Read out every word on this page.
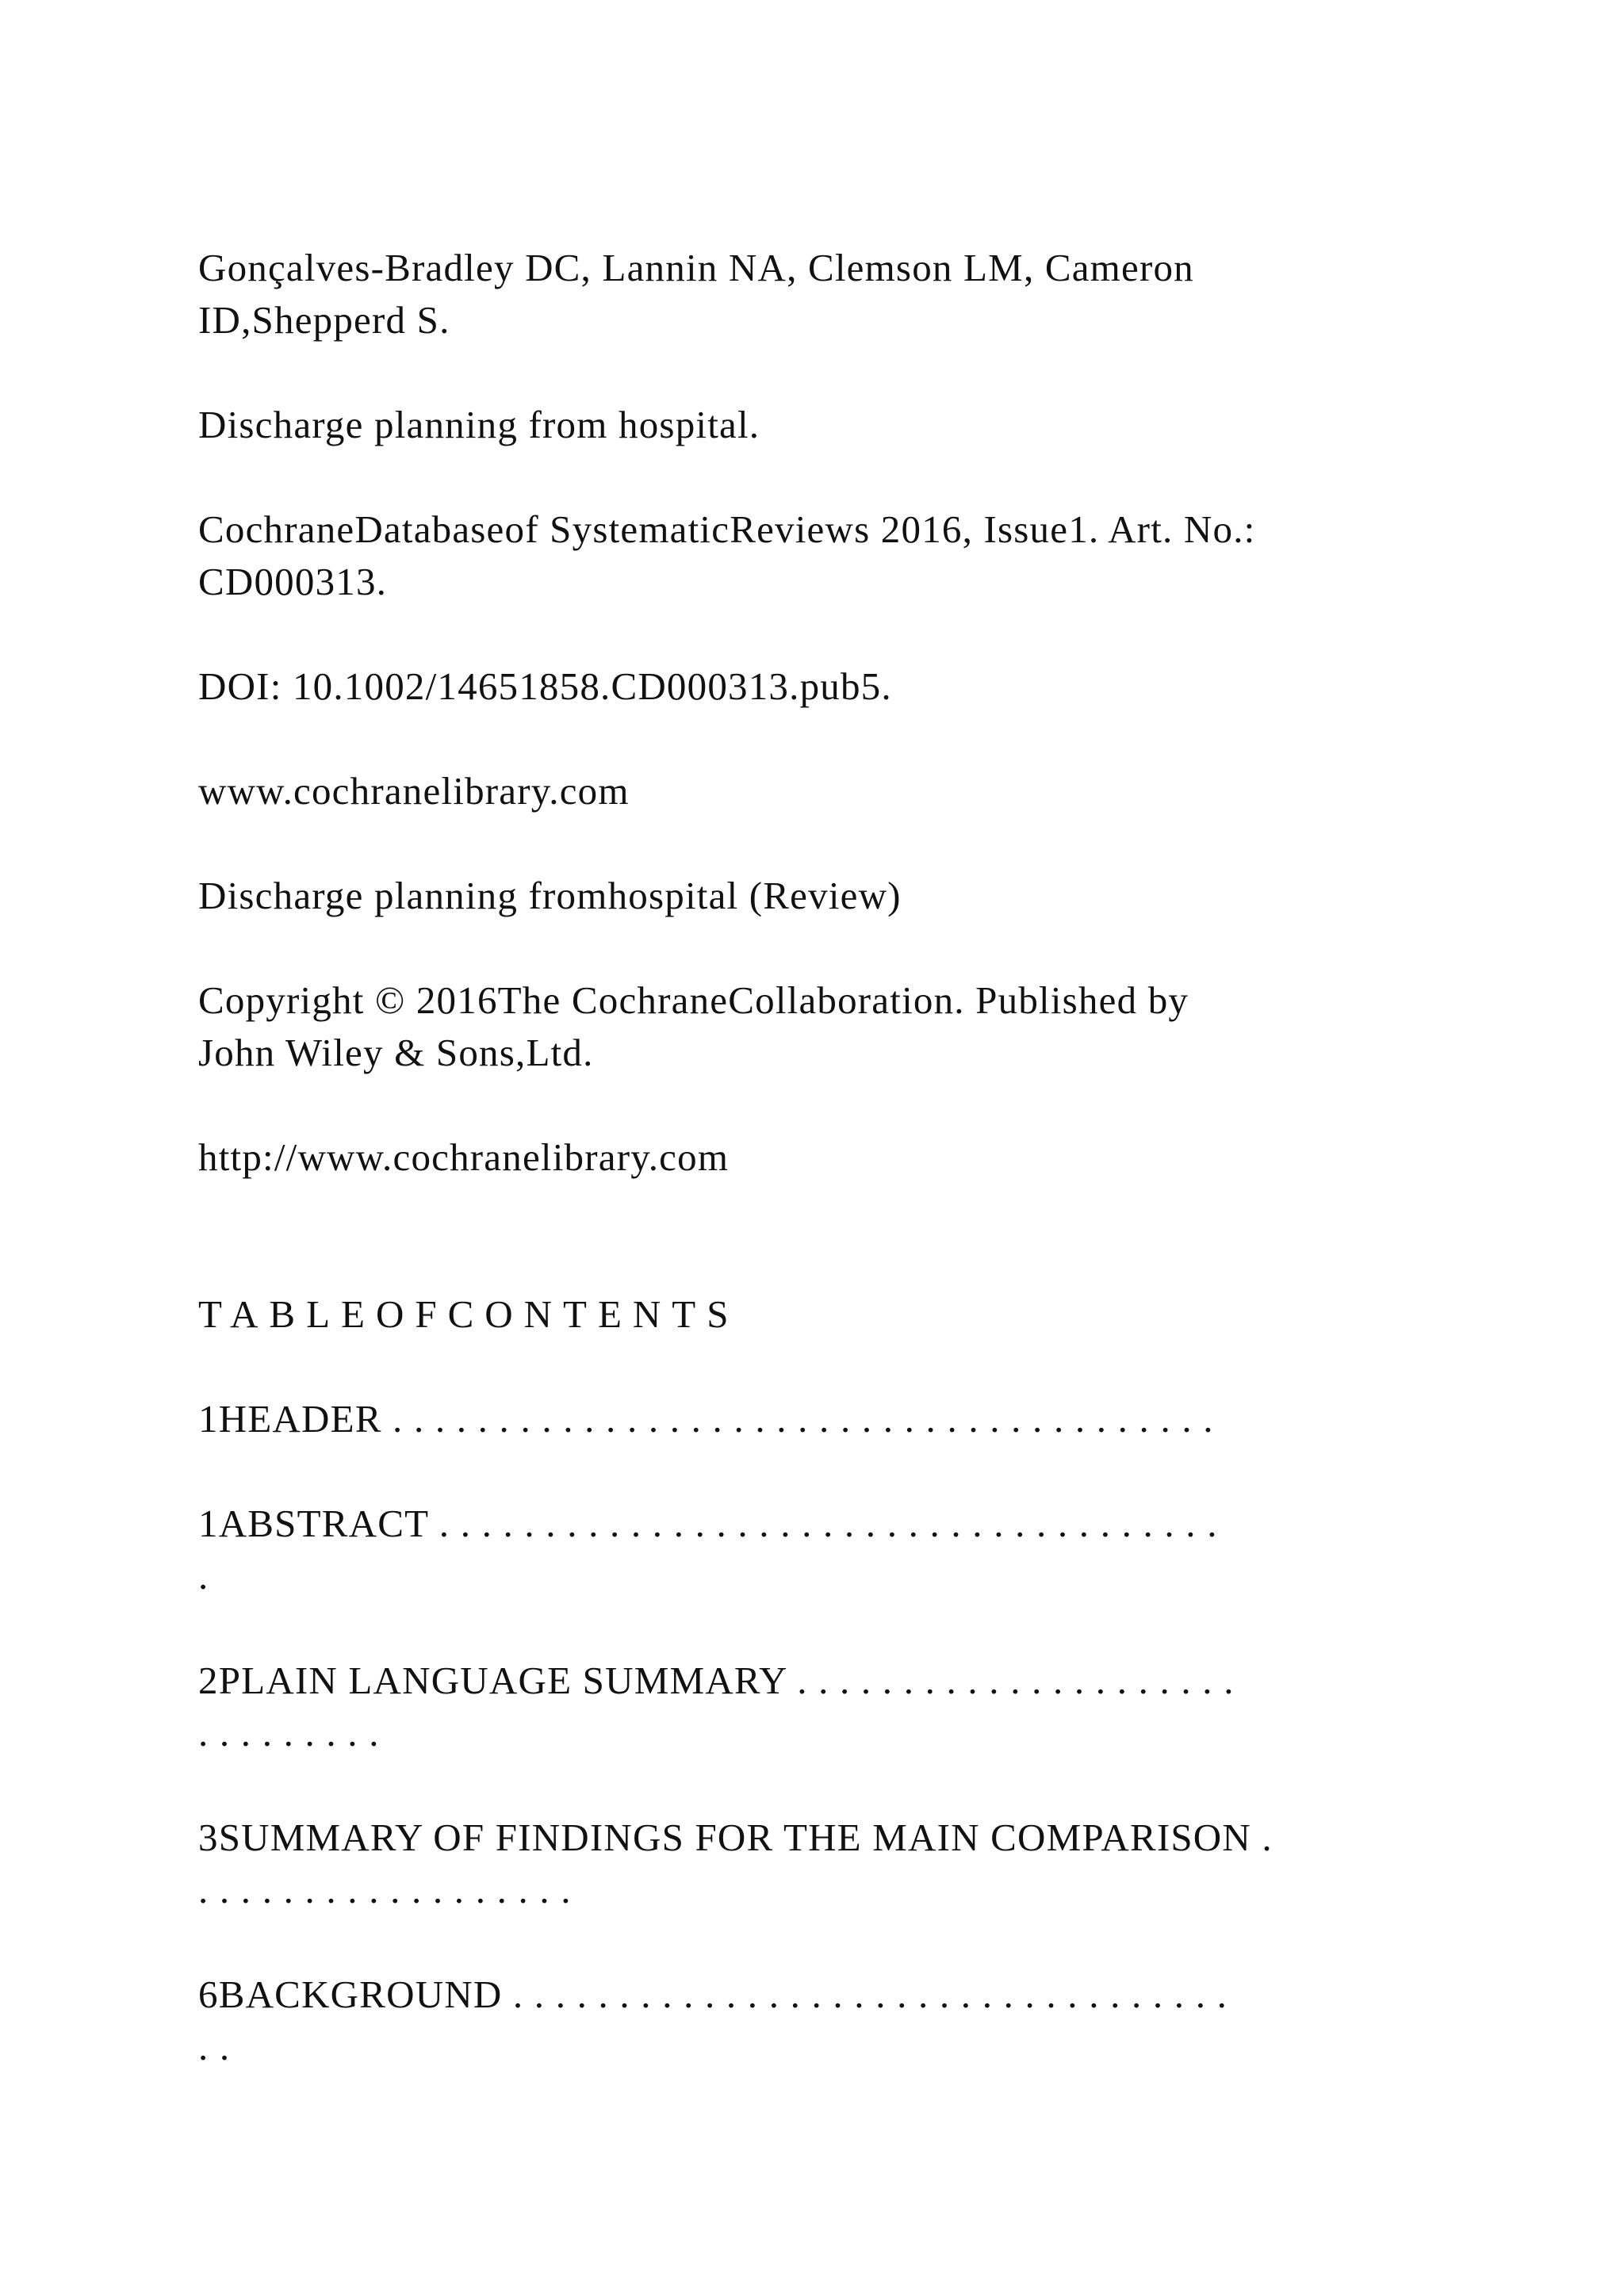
Gonçalves-Bradley DC, Lannin NA, Clemson LM, Cameron
ID,Shepperd S.

Discharge planning from hospital.

CochraneDatabaseof SystematicReviews 2016, Issue1. Art. No.:
CD000313.

DOI: 10.1002/14651858.CD000313.pub5.

www.cochranelibrary.com

Discharge planning fromhospital (Review)

Copyright © 2016The CochraneCollaboration. Published by
John Wiley & Sons,Ltd.

http://www.cochranelibrary.com

TABLEOFCONTENTS

1HEADER . . . . . . . . . . . . . . . . . . . . . . . . . . . . . . . . . . . . . . .

1ABSTRACT . . . . . . . . . . . . . . . . . . . . . . . . . . . . . . . . . . . . .
.

2PLAIN LANGUAGE SUMMARY . . . . . . . . . . . . . . . . . . . . .
. . . . . . . . .

3SUMMARY OF FINDINGS FOR THE MAIN COMPARISON .
. . . . . . . . . . . . . . . . . .

6BACKGROUND . . . . . . . . . . . . . . . . . . . . . . . . . . . . . . . . . .
. .
